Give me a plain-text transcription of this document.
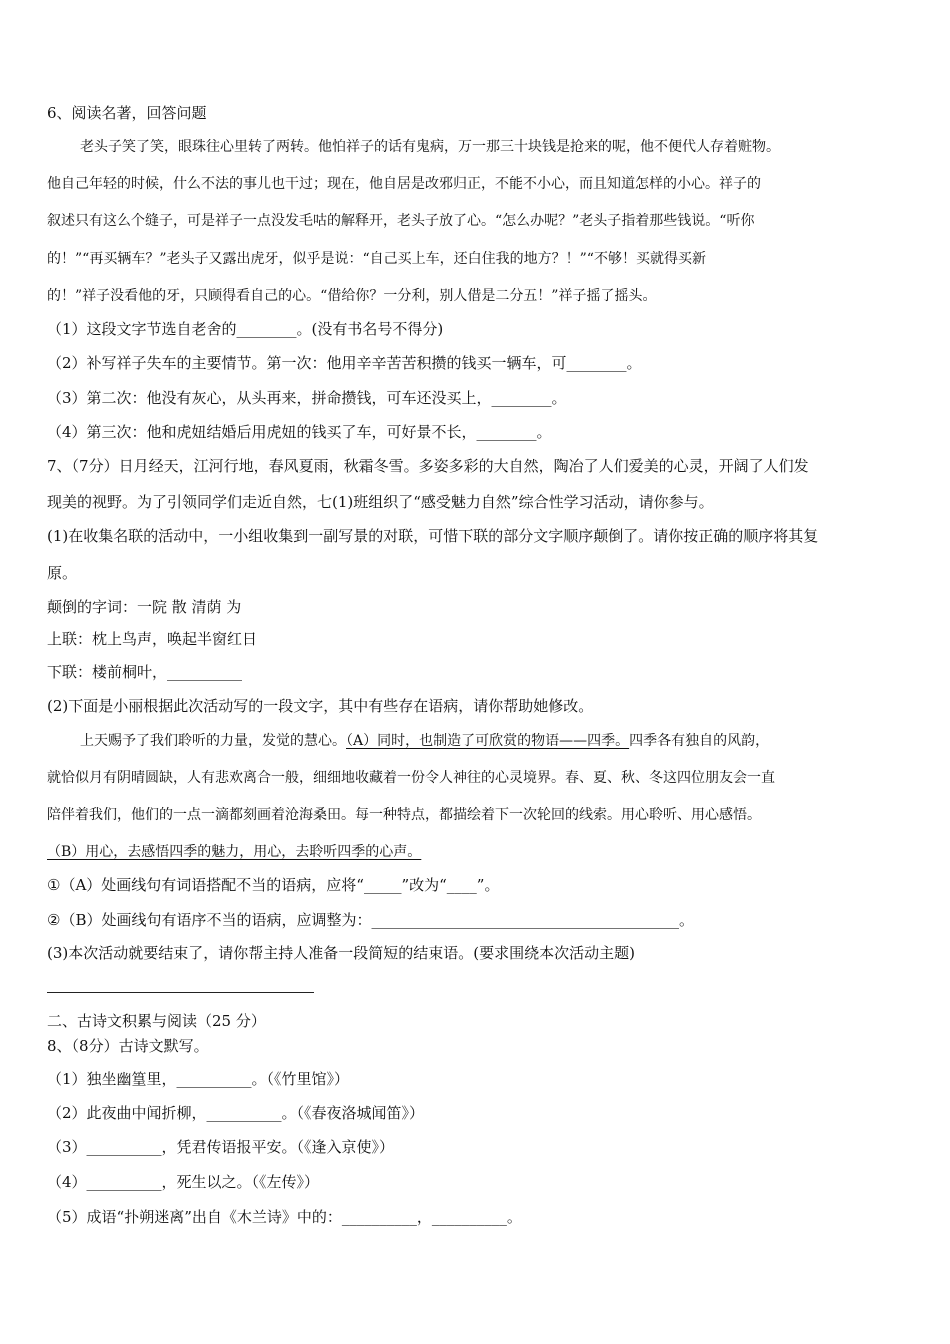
6、阅读名著，回答问题
老头子笑了笑，眼珠往心里转了两转。他怕祥子的话有鬼病，万一那三十块钱是抢来的呢，他不便代人存着赃物。
他自己年轻的时候，什么不法的事儿也干过；现在，他自居是改邪归正，不能不小心，而且知道怎样的小心。祥子的
叙述只有这么个缝子，可是祥子一点没发毛咕的解释开，老头子放了心。“怎么办呢？”老头子指着那些钱说。“听你
的！”“再买辆车？”老头子又露出虎牙，似乎是说：“自己买上车，还白住我的地方？！”“不够！买就得买新
的！”祥子没看他的牙，只顾得看自己的心。“借给你？一分利，别人借是二分五！”祥子摇了摇头。
（1）这段文字节选自老舍的________。(没有书名号不得分)
（2）补写祥子失车的主要情节。第一次：他用辛辛苦苦积攒的钱买一辆车，可________。
（3）第二次：他没有灰心，从头再来，拼命攒钱，可车还没买上，________。
（4）第三次：他和虎妞结婚后用虎妞的钱买了车，可好景不长，________。
7、（7分）日月经天，江河行地，春风夏雨，秋霜冬雪。多姿多彩的大自然，陶冶了人们爱美的心灵，开阔了人们发
现美的视野。为了引领同学们走近自然，七(1)班组织了“感受魅力自然”综合性学习活动，请你参与。
(1)在收集名联的活动中，一小组收集到一副写景的对联，可惜下联的部分文字顺序颠倒了。请你按正确的顺序将其复
原。
颠倒的字词：一院 散 清荫 为
上联：枕上鸟声，唤起半窗红日
下联：楼前桐叶，__________
(2)下面是小丽根据此次活动写的一段文字，其中有些存在语病，请你帮助她修改。
上天赐予了我们聆听的力量，发觉的慧心。（A）同时，也制造了可欣赏的物语——四季。四季各有独自的风韵，
就恰似月有阴晴圆缺，人有悲欢离合一般，细细地收藏着一份令人神往的心灵境界。春、夏、秋、冬这四位朋友会一直
陪伴着我们，他们的一点一滴都刻画着沧海桑田。每一种特点，都描绘着下一次轮回的线索。用心聆听、用心感悟。
（B）用心，去感悟四季的魅力，用心，去聆听四季的心声。
①（A）处画线句有词语搭配不当的语病，应将“_____”改为“____”。
②（B）处画线句有语序不当的语病，应调整为：_________________________________________。
(3)本次活动就要结束了，请你帮主持人准备一段简短的结束语。(要求围绕本次活动主题)
二、古诗文积累与阅读（25 分）
8、（8分）古诗文默写。
（1）独坐幽篁里，__________。（《竹里馆》）
（2）此夜曲中闻折柳，__________。（《春夜洛城闻笛》）
（3）__________，凭君传语报平安。（《逢入京使》）
（4）__________，死生以之。（《左传》）
（5）成语“扑朔迷离”出自《木兰诗》中的：__________，__________。
